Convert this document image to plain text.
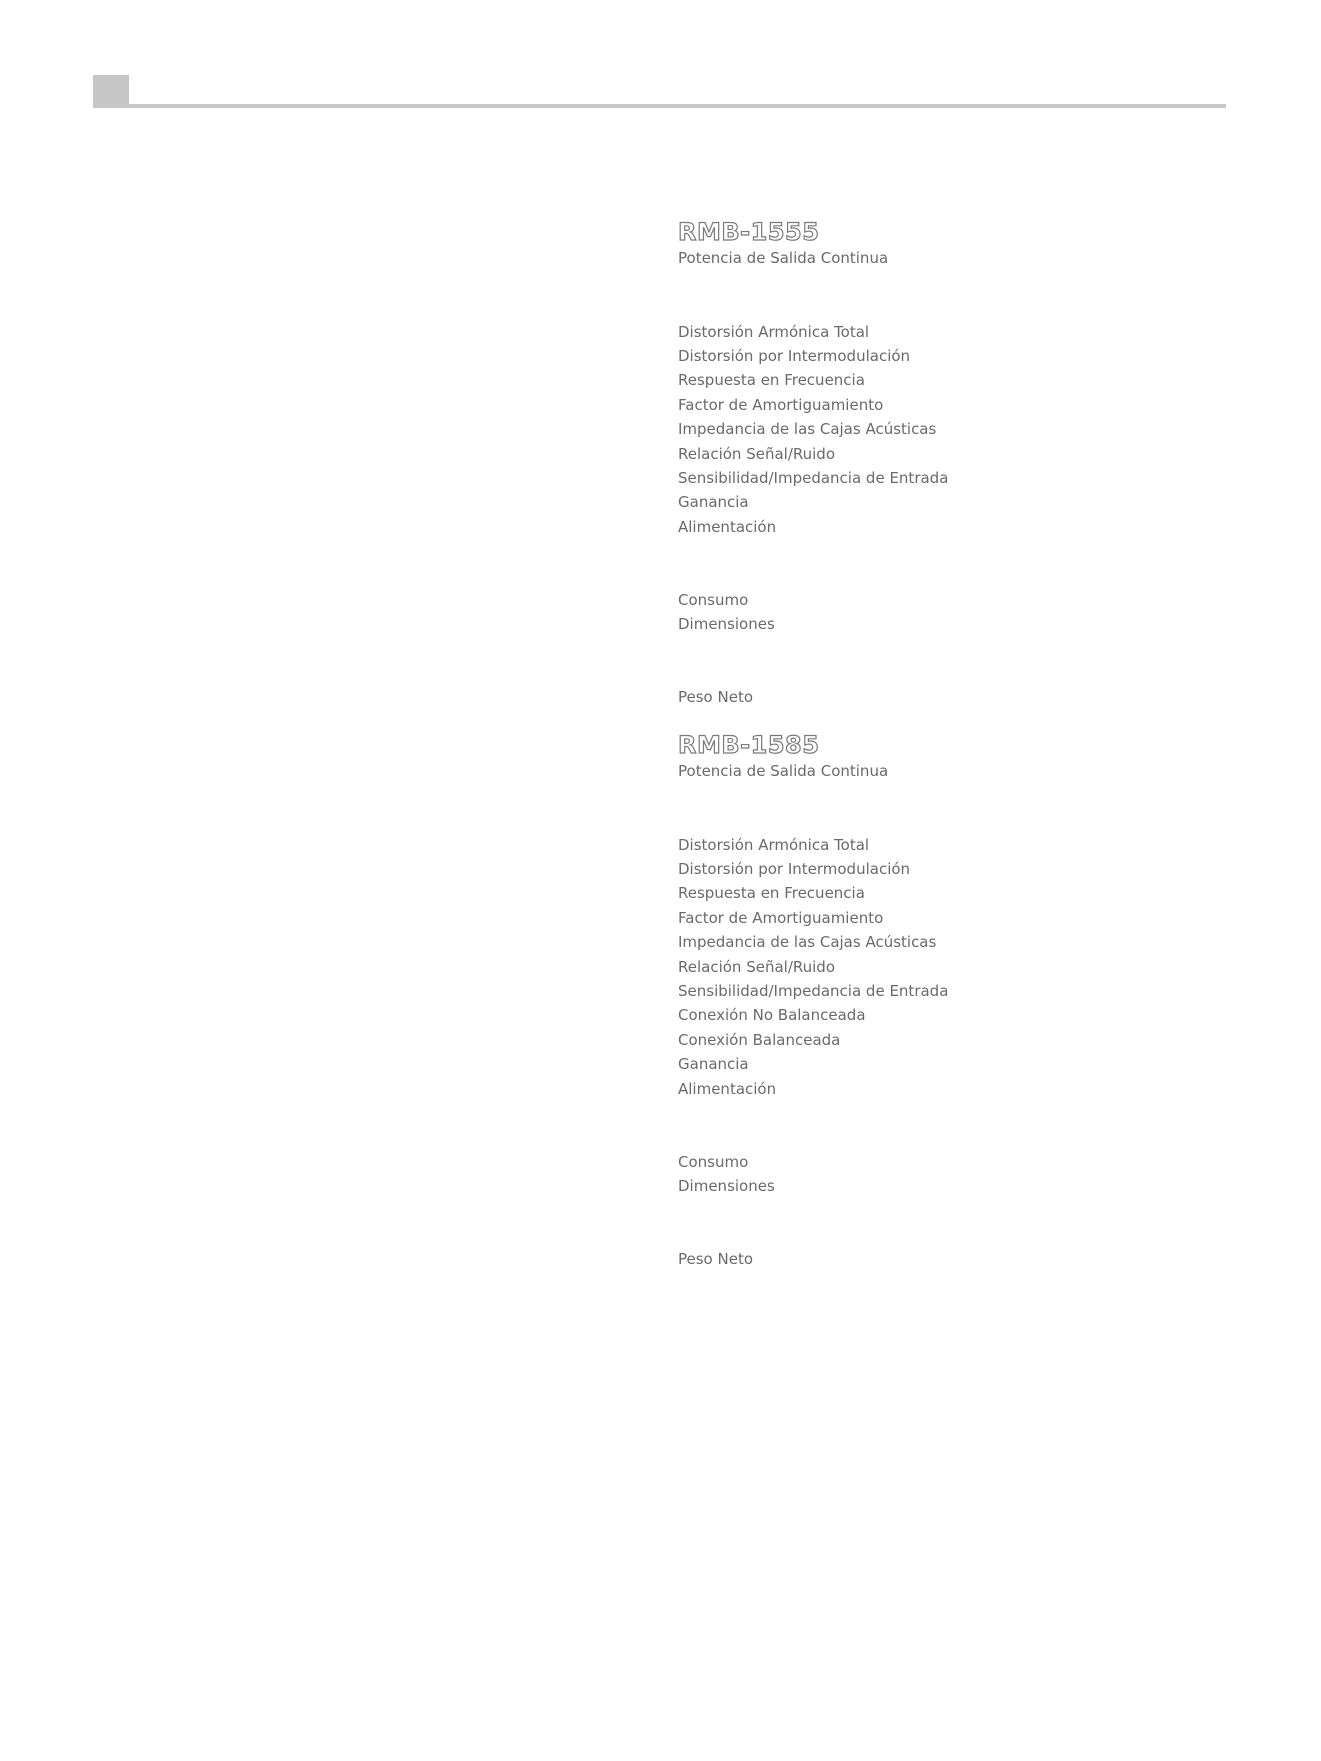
RMB-1555
Potencia de Salida Continua
Distorsión Armónica Total
Distorsión por Intermodulación
Respuesta en Frecuencia
Factor de Amortiguamiento
Impedancia de las Cajas Acústicas
Relación Señal/Ruido
Sensibilidad/Impedancia de Entrada
Ganancia
Alimentación
Consumo
Dimensiones
Peso Neto
RMB-1585
Potencia de Salida Continua
Distorsión Armónica Total
Distorsión por Intermodulación
Respuesta en Frecuencia
Factor de Amortiguamiento
Impedancia de las Cajas Acústicas
Relación Señal/Ruido
Sensibilidad/Impedancia de Entrada
Conexión No Balanceada
Conexión Balanceada
Ganancia
Alimentación
Consumo
Dimensiones
Peso Neto
